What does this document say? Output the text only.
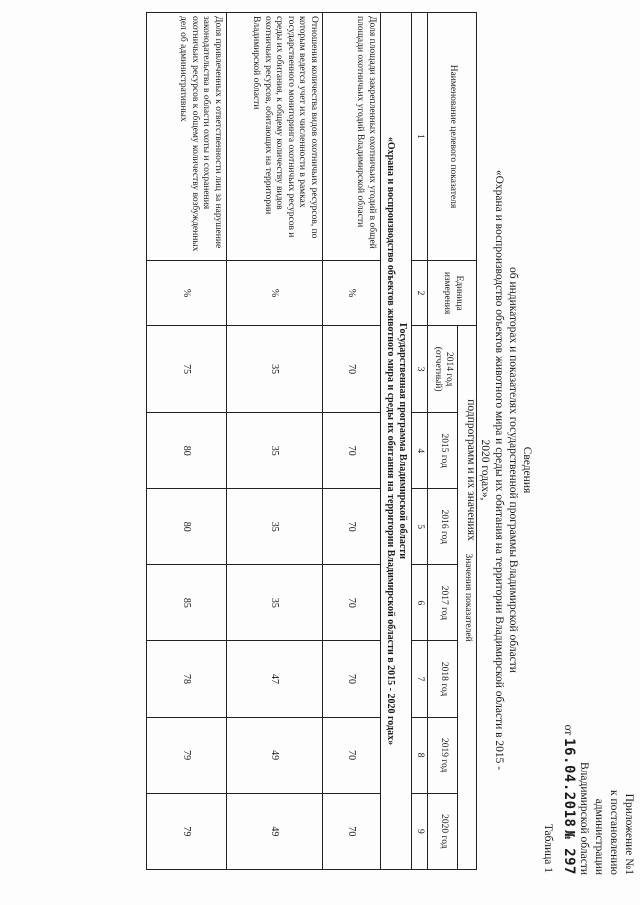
Приложение №1
к постановлению
администрации
Владимирской области
от 16.04.2018 № 297
Таблица 1
Сведения
об индикаторах и показателях государственной программы Владимирской области
«Охрана и воспроизводство объектов животного мира и среды их обитания на территории Владимирской области в 2015 - 2020 годах»,
подпрограмм и их значениях
Наименование целевого показателя	Единица измерения	Значения показателей						
		2014 год (отчетный)	2015 год	2016 год	2017 год	2018 год	2019 год	2020 год
1	2	3	4	5	6	7	8	9

Государственная программа Владимирской области
«Охрана и воспроизводство объектов животного мира и среды их обитания на территории Владимирской области в 2015 - 2020 годах»								

Доля площади закрепленных охотничьих угодий в общей площади охотничьих угодий Владимирской области	%	70	70	70	70	70	70	70
Отношения количества видов охотничьих ресурсов, по которым ведется учет их численности в рамках государственного мониторинга охотничьих ресурсов и среды их обитания, к общему количеству видов охотничьих ресурсов, обитающих на территории Владимирской области	%	35	35	35	35	47	49	49
Доля привлеченных к ответственности лиц за нарушение законодательства в области охоты и сохранения охотничьих ресурсов к общему количеству возбужденных дел об административных	%	75	80	80	85	78	79	79
